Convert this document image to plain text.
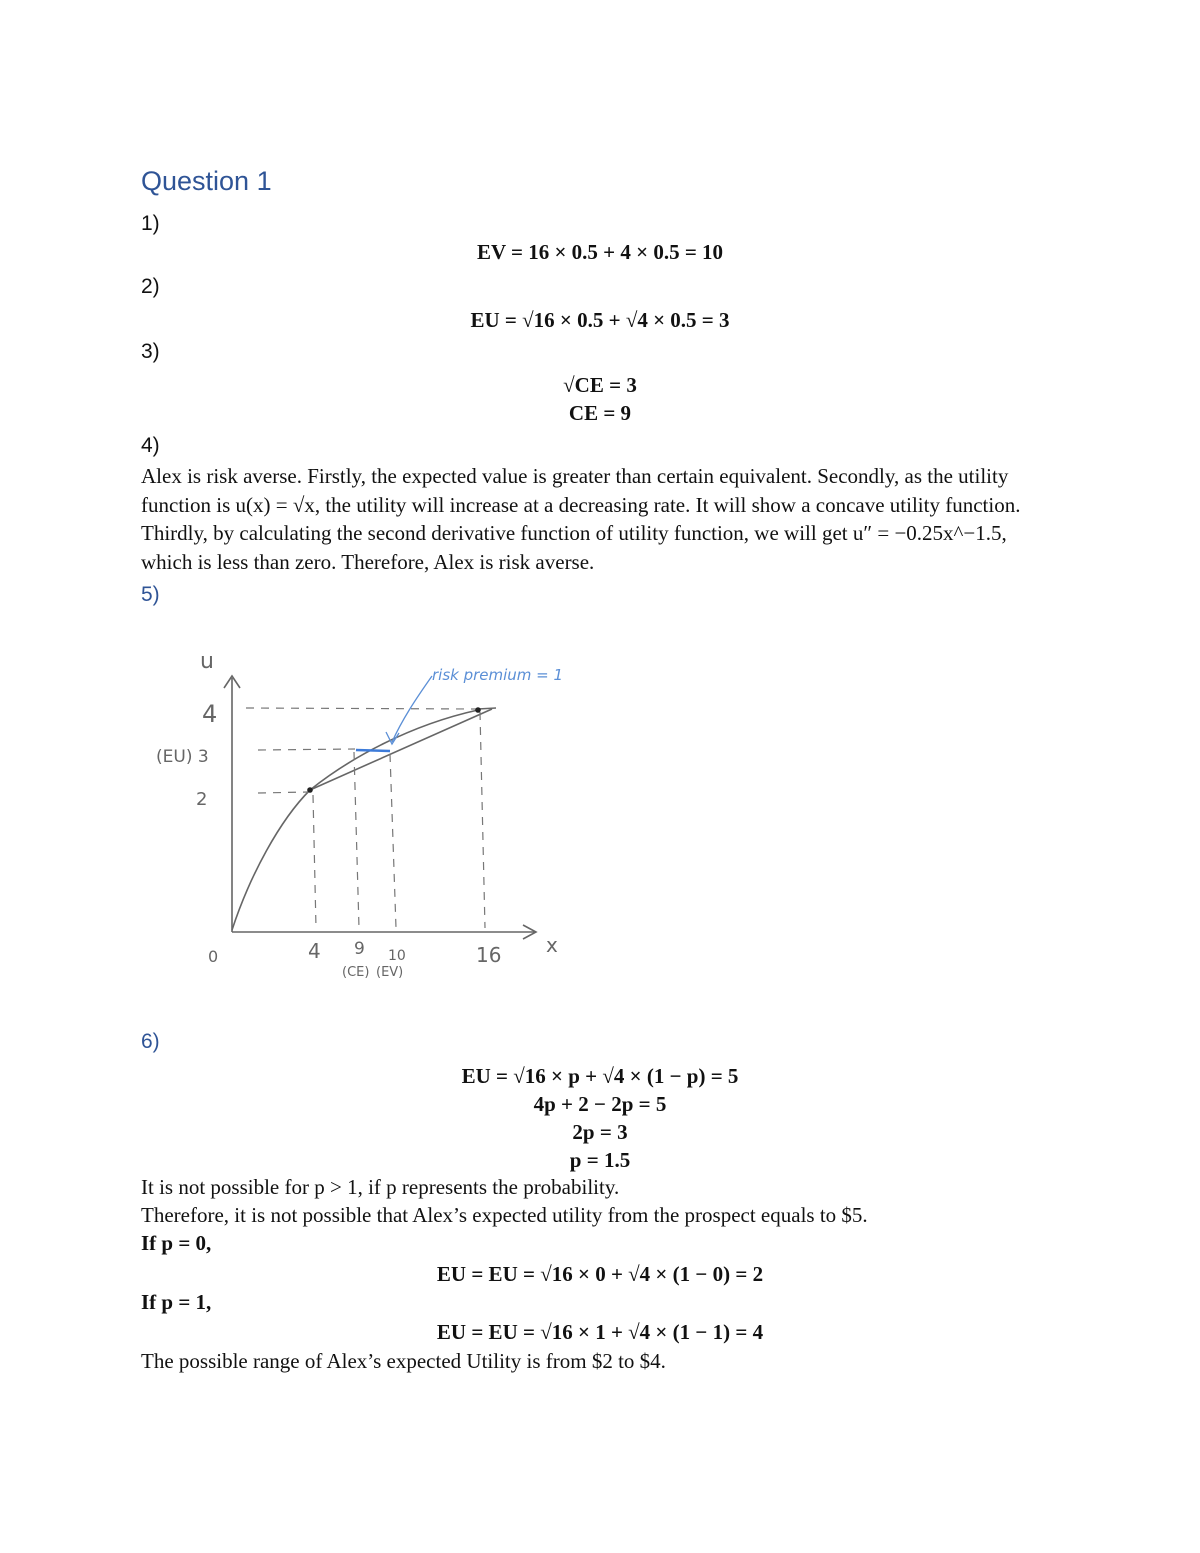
Question 1
1)
EV = 16 × 0.5 + 4 × 0.5 = 10
2)
EU = √16 × 0.5 + √4 × 0.5 = 3
3)
√CE = 3
CE = 9
4)
Alex is risk averse. Firstly, the expected value is greater than certain equivalent. Secondly, as the utility function is u(x) = √x, the utility will increase at a decreasing rate. It will show a concave utility function. Thirdly, by calculating the second derivative function of utility function, we will get u″ = −0.25x^−1.5, which is less than zero. Therefore, Alex is risk averse.
5)
risk premium = 1
u
x
4
(EU) 3
2
0	4 9 10	16
(CE) (EV)
6)
EU = √16 × p + √4 × (1 − p) = 5
4p + 2 − 2p = 5
2p = 3
p = 1.5
It is not possible for p > 1, if p represents the probability.
Therefore, it is not possible that Alex’s expected utility from the prospect equals to $5.
If p = 0,
EU = EU = √16 × 0 + √4 × (1 − 0) = 2
If p = 1,
EU = EU = √16 × 1 + √4 × (1 − 1) = 4
The possible range of Alex’s expected Utility is from $2 to $4.
